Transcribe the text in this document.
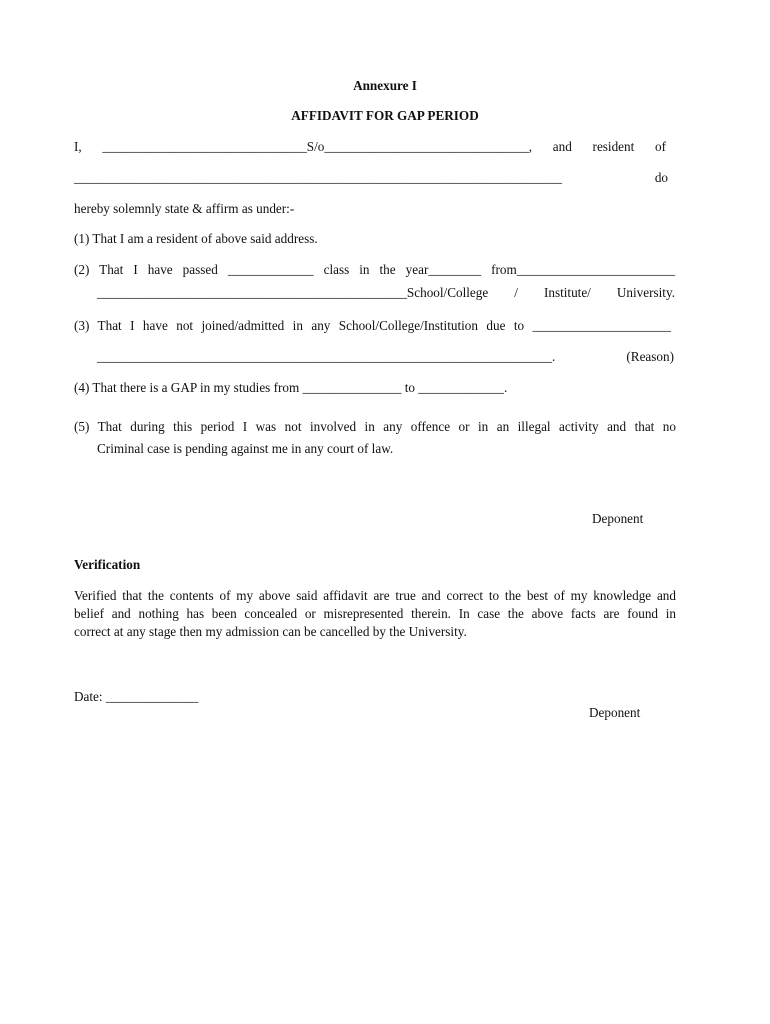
Annexure I
AFFIDAVIT FOR GAP PERIOD
I, _______________________________S/o_______________________________, and resident of
__________________________________________________________________________ do
hereby solemnly state & affirm as under:-
(1) That I am a resident of above said address.
(2) That I have passed _____________ class in the year________ from________________________
_______________________________________________School/College / Institute/ University.
(3) That I have not joined/admitted in any School/College/Institution due to _____________________
_____________________________________________________________________. (Reason)
(4) That there is a GAP in my studies from _______________ to _____________.
(5) That during this period I was not involved in any offence or in an illegal activity and that no
Criminal case is pending against me in any court of law.
Deponent
Verification
Verified that the contents of my above said affidavit are true and correct to the best of my knowledge and
belief and nothing has been concealed or misrepresented therein. In case the above facts are found in
correct at any stage then my admission can be cancelled by the University.
Date: ______________
Deponent
